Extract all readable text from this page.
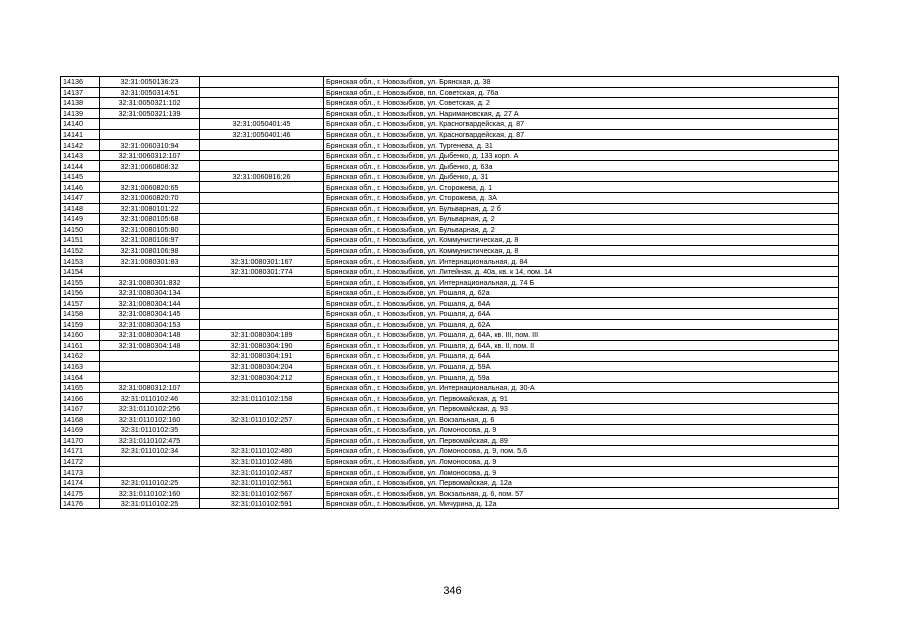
14136	32:31:0050136:23		Брянская обл., г. Новозыбков, ул. Брянская, д. 38
14137	32:31:0050314:51		Брянская обл., г. Новозыбков, пл. Советская, д. 76а
14138	32:31:0050321:102		Брянская обл., г. Новозыбков, ул. Советская, д. 2
14139	32:31:0050321:139		Брянская обл., г. Новозыбков, ул. Наримановская, д. 27 А
14140		32:31:0050401:45	Брянская обл., г. Новозыбков, ул. Красногвардейская, д. 87
14141		32:31:0050401:46	Брянская обл., г. Новозыбков, ул. Красногвардейская, д. 87
14142	32:31:0060310:94		Брянская обл., г. Новозыбков, ул. Тургенева, д. 31
14143	32:31:0060312:107		Брянская обл., г. Новозыбков, ул. Дыбенко, д. 133 корп. А
14144	32:31:0060808:32		Брянская обл., г. Новозыбков, ул. Дыбенко, д. 63а
14145		32:31:0060816:26	Брянская обл., г. Новозыбков, ул. Дыбенко, д. 31
14146	32:31:0060820:65		Брянская обл., г. Новозыбков, ул. Сторожева, д. 1
14147	32:31:0060820:70		Брянская обл., г. Новозыбков, ул. Сторожева, д. 3А
14148	32:31:0080101:22		Брянская обл., г. Новозыбков, ул. Бульварная, д. 2 б
14149	32:31:0080105:68		Брянская обл., г. Новозыбков, ул. Бульварная, д. 2
14150	32:31:0080105:80		Брянская обл., г. Новозыбков, ул. Бульварная, д. 2
14151	32:31:0080106:97		Брянская обл., г. Новозыбков, ул. Коммунистическая, д. 8
14152	32:31:0080106:98		Брянская обл., г. Новозыбков, ул. Коммунистическая, д. 8
14153	32:31:0080301:83	32:31:0080301:167	Брянская обл., г. Новозыбков, ул. Интернациональная, д. 84
14154		32:31:0080301:774	Брянская обл., г. Новозыбков, ул. Литейная, д. 40а, кв. к 14, пом. 14
14155	32:31:0080301:832		Брянская обл., г. Новозыбков, ул. Интернациональная, д. 74 Б
14156	32:31:0080304:134		Брянская обл., г. Новозыбков, ул. Рошаля, д. 62а
14157	32:31:0080304:144		Брянская обл., г. Новозыбков, ул. Рошаля, д. 64А
14158	32:31:0080304:145		Брянская обл., г. Новозыбков, ул. Рошаля, д. 64А
14159	32:31:0080304:153		Брянская обл., г. Новозыбков, ул. Рошаля, д. 62А
14160	32:31:0080304:148	32:31:0080304:189	Брянская обл., г. Новозыбков, ул. Рошаля, д. 64А, кв. III, пом. III
14161	32:31:0080304:148	32:31:0080304:190	Брянская обл., г. Новозыбков, ул. Рошаля, д. 64А, кв. II, пом. II
14162		32:31:0080304:191	Брянская обл., г. Новозыбков, ул. Рошаля, д. 64А
14163		32:31:0080304:204	Брянская обл., г. Новозыбков, ул. Рошаля, д. 59А
14164		32:31:0080304:212	Брянская обл., г. Новозыбков, ул. Рошаля, д. 59а
14165	32:31:0080312:107		Брянская обл., г. Новозыбков, ул. Интернациональная, д. 30-А
14166	32:31:0110102:46	32:31:0110102:158	Брянская обл., г. Новозыбков, ул. Первомайская, д. 91
14167	32:31:0110102:256		Брянская обл., г. Новозыбков, ул. Первомайская, д. 93
14168	32:31:0110102:160	32:31:0110102:257	Брянская обл., г. Новозыбков, ул. Вокзальная, д. 6
14169	32:31:0110102:35		Брянская обл., г. Новозыбков, ул. Ломоносова, д. 9
14170	32:31:0110102:475		Брянская обл., г. Новозыбков, ул. Первомайская, д. 89
14171	32:31:0110102:34	32:31:0110102:480	Брянская обл., г. Новозыбков, ул. Ломоносова, д. 9, пом. 5,6
14172		32:31:0110102:486	Брянская обл., г. Новозыбков, ул. Ломоносова, д. 9
14173		32:31:0110102:487	Брянская обл., г. Новозыбков, ул. Ломоносова, д. 9
14174	32:31:0110102:25	32:31:0110102:561	Брянская обл., г. Новозыбков, ул. Первомайская, д. 12а
14175	32:31:0110102:160	32:31:0110102:567	Брянская обл., г. Новозыбков, ул. Вокзальная, д. 6, пом. 57
14176	32:31:0110102:25	32:31:0110102:591	Брянская обл., г. Новозыбков, ул. Мичурина, д. 12а
346
